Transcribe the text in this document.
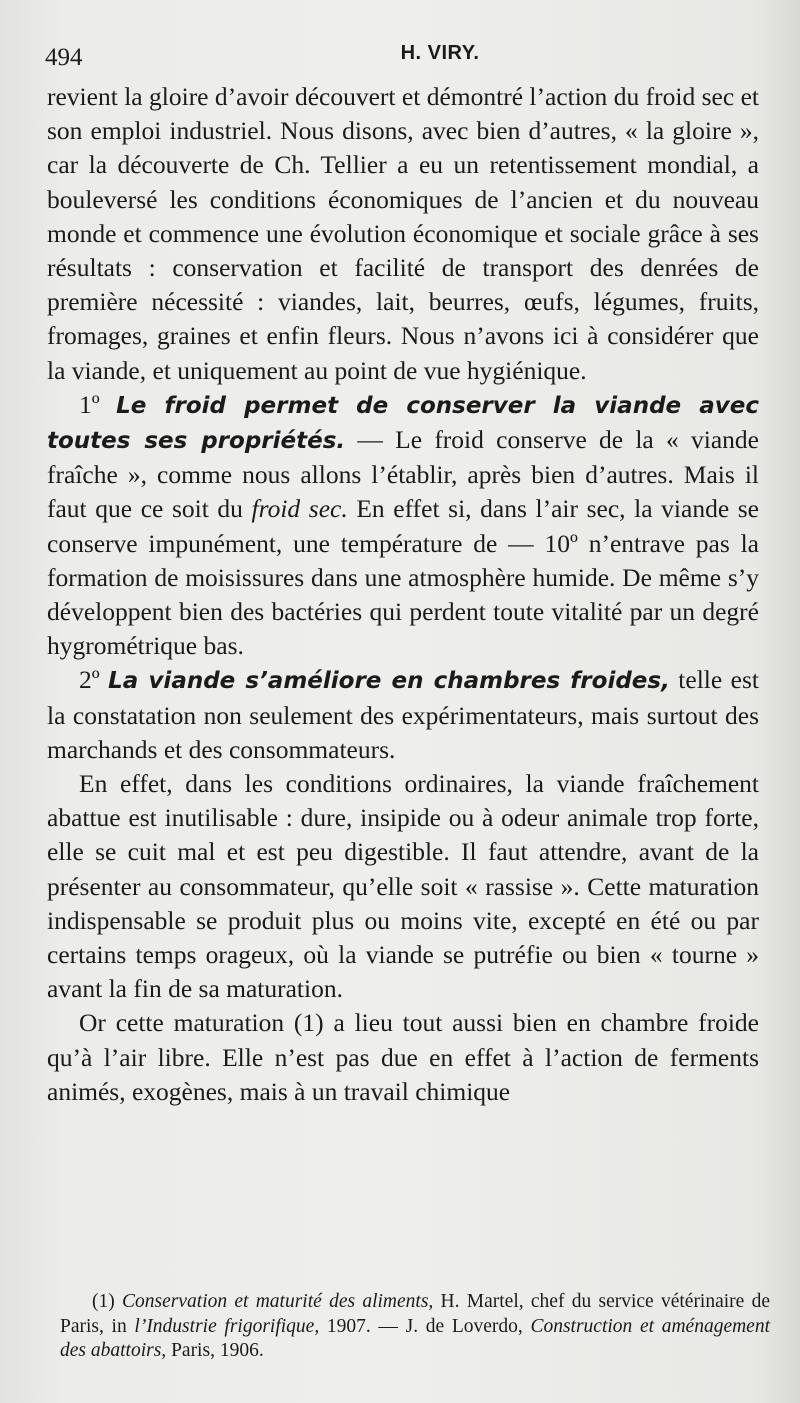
494	H. VIRY.

revient la gloire d’avoir découvert et démontré l’action du froid sec et son emploi industriel. Nous disons, avec bien d’autres, « la gloire », car la découverte de Ch. Tellier a eu un retentissement mondial, a bouleversé les conditions économiques de l’ancien et du nouveau monde et commence une évolution économique et sociale grâce à ses résultats : conservation et facilité de transport des denrées de première nécessité : viandes, lait, beurres, œufs, légumes, fruits, fromages, graines et enfin fleurs. Nous n’avons ici à considérer que la viande, et uniquement au point de vue hygiénique.

1º Le froid permet de conserver la viande avec toutes ses propriétés. — Le froid conserve de la « viande fraîche », comme nous allons l’établir, après bien d’autres. Mais il faut que ce soit du froid sec. En effet si, dans l’air sec, la viande se conserve impunément, une température de — 10º n’entrave pas la formation de moisissures dans une atmosphère humide. De même s’y développent bien des bactéries qui perdent toute vitalité par un degré hygrométrique bas.

2º La viande s’améliore en chambres froides, telle est la constatation non seulement des expérimentateurs, mais surtout des marchands et des consommateurs.

En effet, dans les conditions ordinaires, la viande fraîchement abattue est inutilisable : dure, insipide ou à odeur animale trop forte, elle se cuit mal et est peu digestible. Il faut attendre, avant de la présenter au consommateur, qu’elle soit « rassise ». Cette maturation indispensable se produit plus ou moins vite, excepté en été ou par certains temps orageux, où la viande se putréfie ou bien « tourne » avant la fin de sa maturation.

Or cette maturation (1) a lieu tout aussi bien en chambre froide qu’à l’air libre. Elle n’est pas due en effet à l’action de ferments animés, exogènes, mais à un travail chimique

(1) Conservation et maturité des aliments, H. Martel, chef du service vétérinaire de Paris, in l’Industrie frigorifique, 1907. — J. de Loverdo, Construction et aménagement des abattoirs, Paris, 1906.
